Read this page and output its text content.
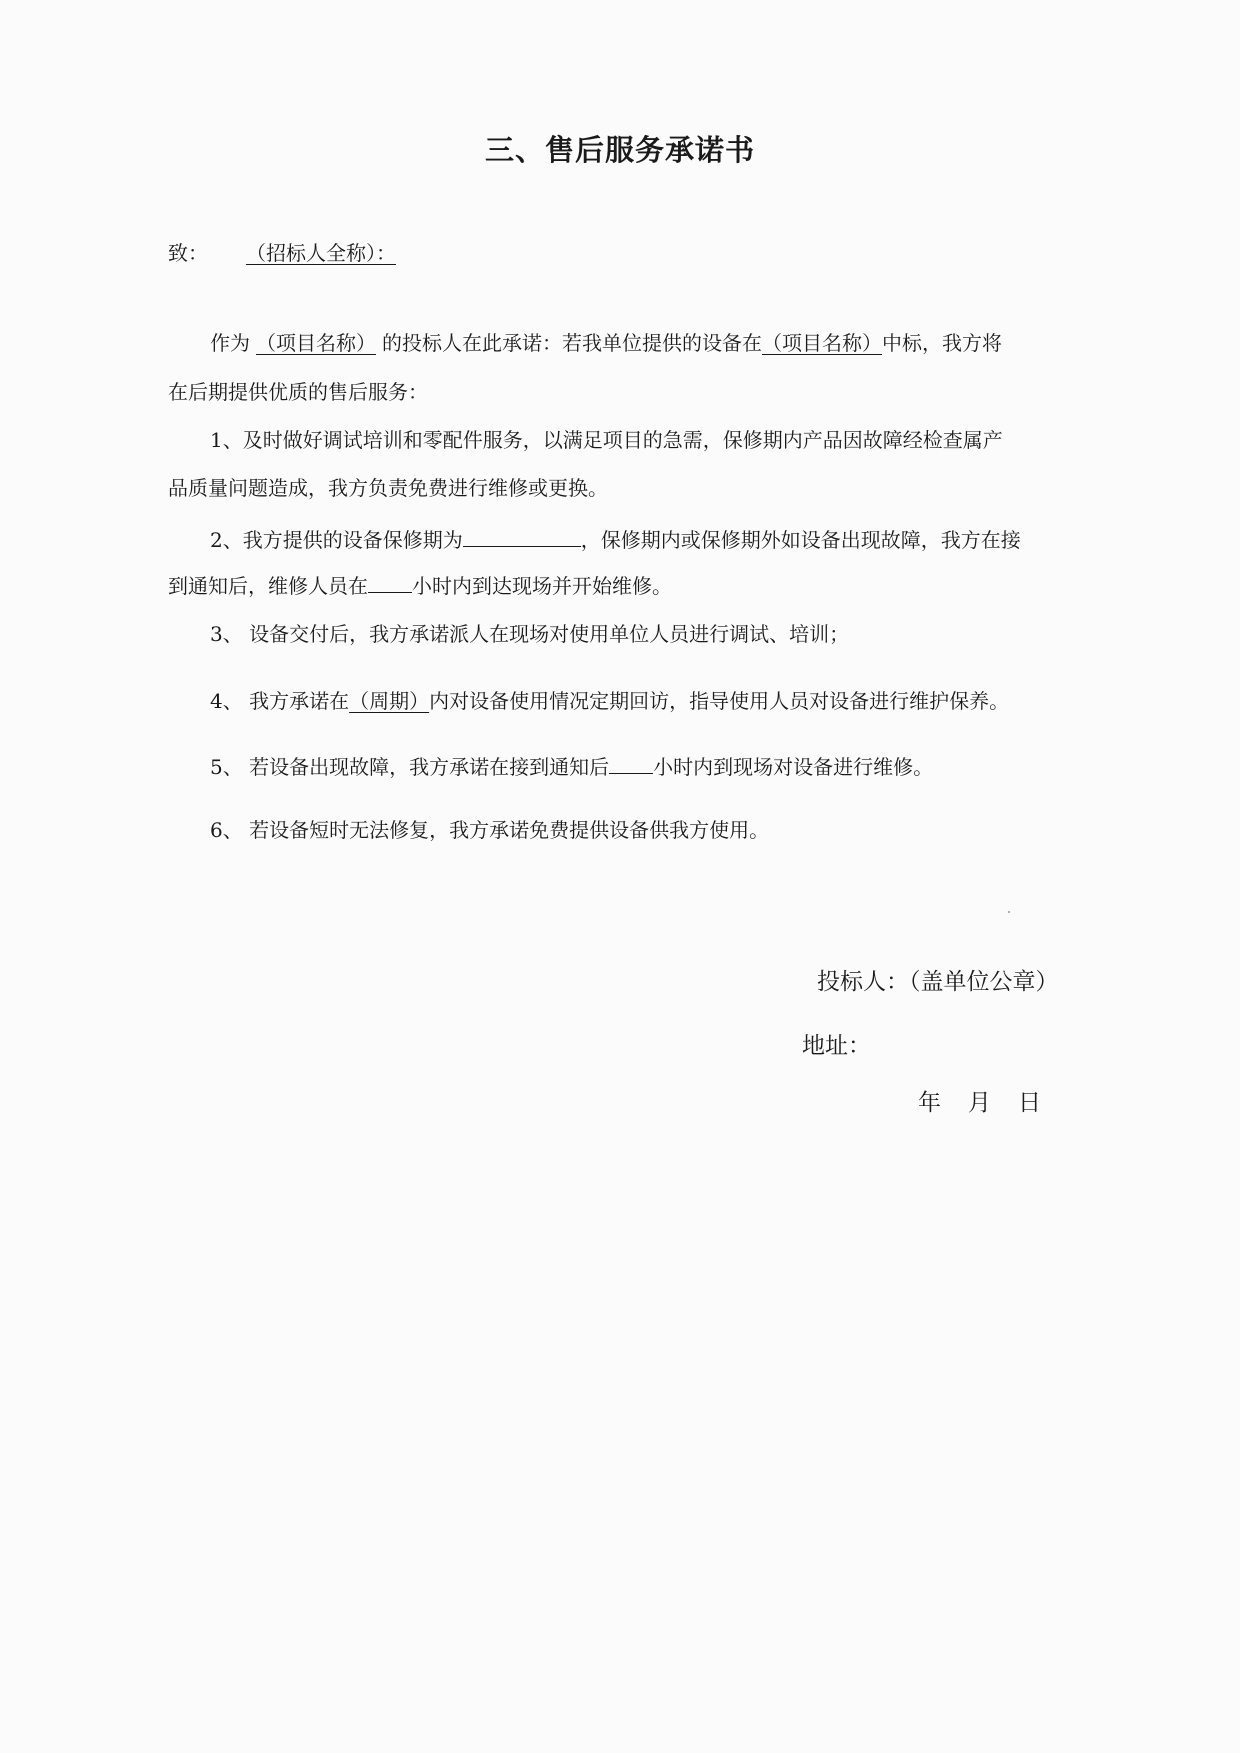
三、售后服务承诺书
致： （招标人全称）：
作为 （项目名称） 的投标人在此承诺：若我单位提供的设备在（项目名称）中标，我方将
在后期提供优质的售后服务：
1、及时做好调试培训和零配件服务，以满足项目的急需，保修期内产品因故障经检查属产
品质量问题造成，我方负责免费进行维修或更换。
2、我方提供的设备保修期为	，保修期内或保修期外如设备出现故障，我方在接
到通知后，维修人员在 小时内到达现场并开始维修。
3、 设备交付后，我方承诺派人在现场对使用单位人员进行调试、培训；
4、 我方承诺在（周期）内对设备使用情况定期回访，指导使用人员对设备进行维护保养。
5、 若设备出现故障，我方承诺在接到通知后 小时内到现场对设备进行维修。
6、 若设备短时无法修复，我方承诺免费提供设备供我方使用。
投标人：（盖单位公章）
地址：
年　月　日
